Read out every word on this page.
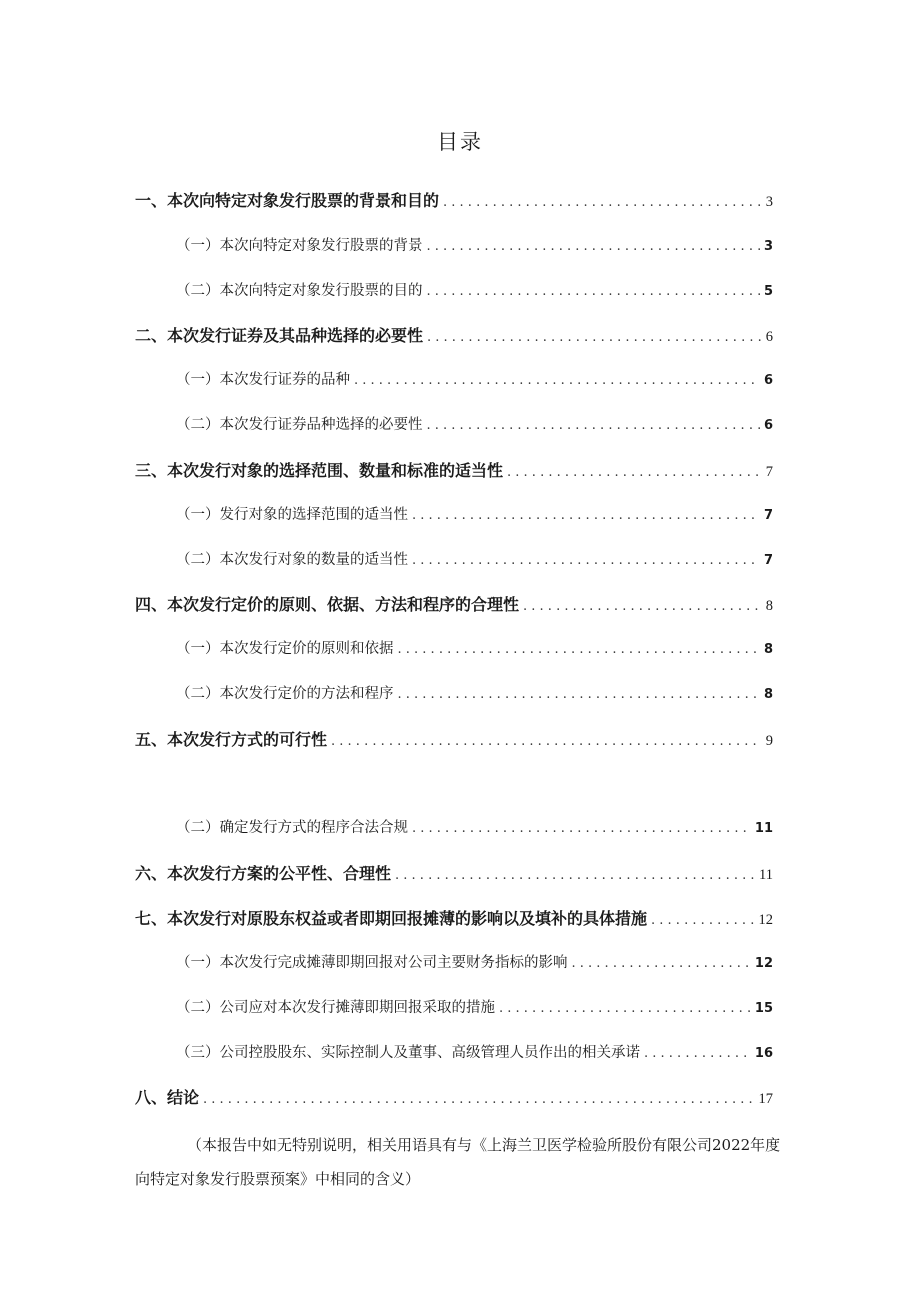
目录
一、本次向特定对象发行股票的背景和目的 . . .	3
（一）本次向特定对象发行股票的背景 . . .	3
（二）本次向特定对象发行股票的目的 . . .	5
二、本次发行证券及其品种选择的必要性 . . .	6
（一）本次发行证券的品种 . . .	6
（二）本次发行证券品种选择的必要性 . . .	6
三、本次发行对象的选择范围、数量和标准的适当性 . . .	7
（一）发行对象的选择范围的适当性 . . .	7
（二）本次发行对象的数量的适当性 . . .	7
四、本次发行定价的原则、依据、方法和程序的合理性 . . .	8
（一）本次发行定价的原则和依据 . . .	8
（二）本次发行定价的方法和程序 . . .	8
五、本次发行方式的可行性 . . .	9
（二）确定发行方式的程序合法合规 . . .	11
六、本次发行方案的公平性、合理性 . . .	11
七、本次发行对原股东权益或者即期回报摊薄的影响以及填补的具体措施 . . .	12
（一）本次发行完成摊薄即期回报对公司主要财务指标的影响 . . .	12
（二）公司应对本次发行摊薄即期回报采取的措施 . . .	15
（三）公司控股股东、实际控制人及董事、高级管理人员作出的相关承诺 . . .	16
八、结论 . . .	17
（本报告中如无特别说明，相关用语具有与《上海兰卫医学检验所股份有限公司2022年度向特定对象发行股票预案》中相同的含义）
